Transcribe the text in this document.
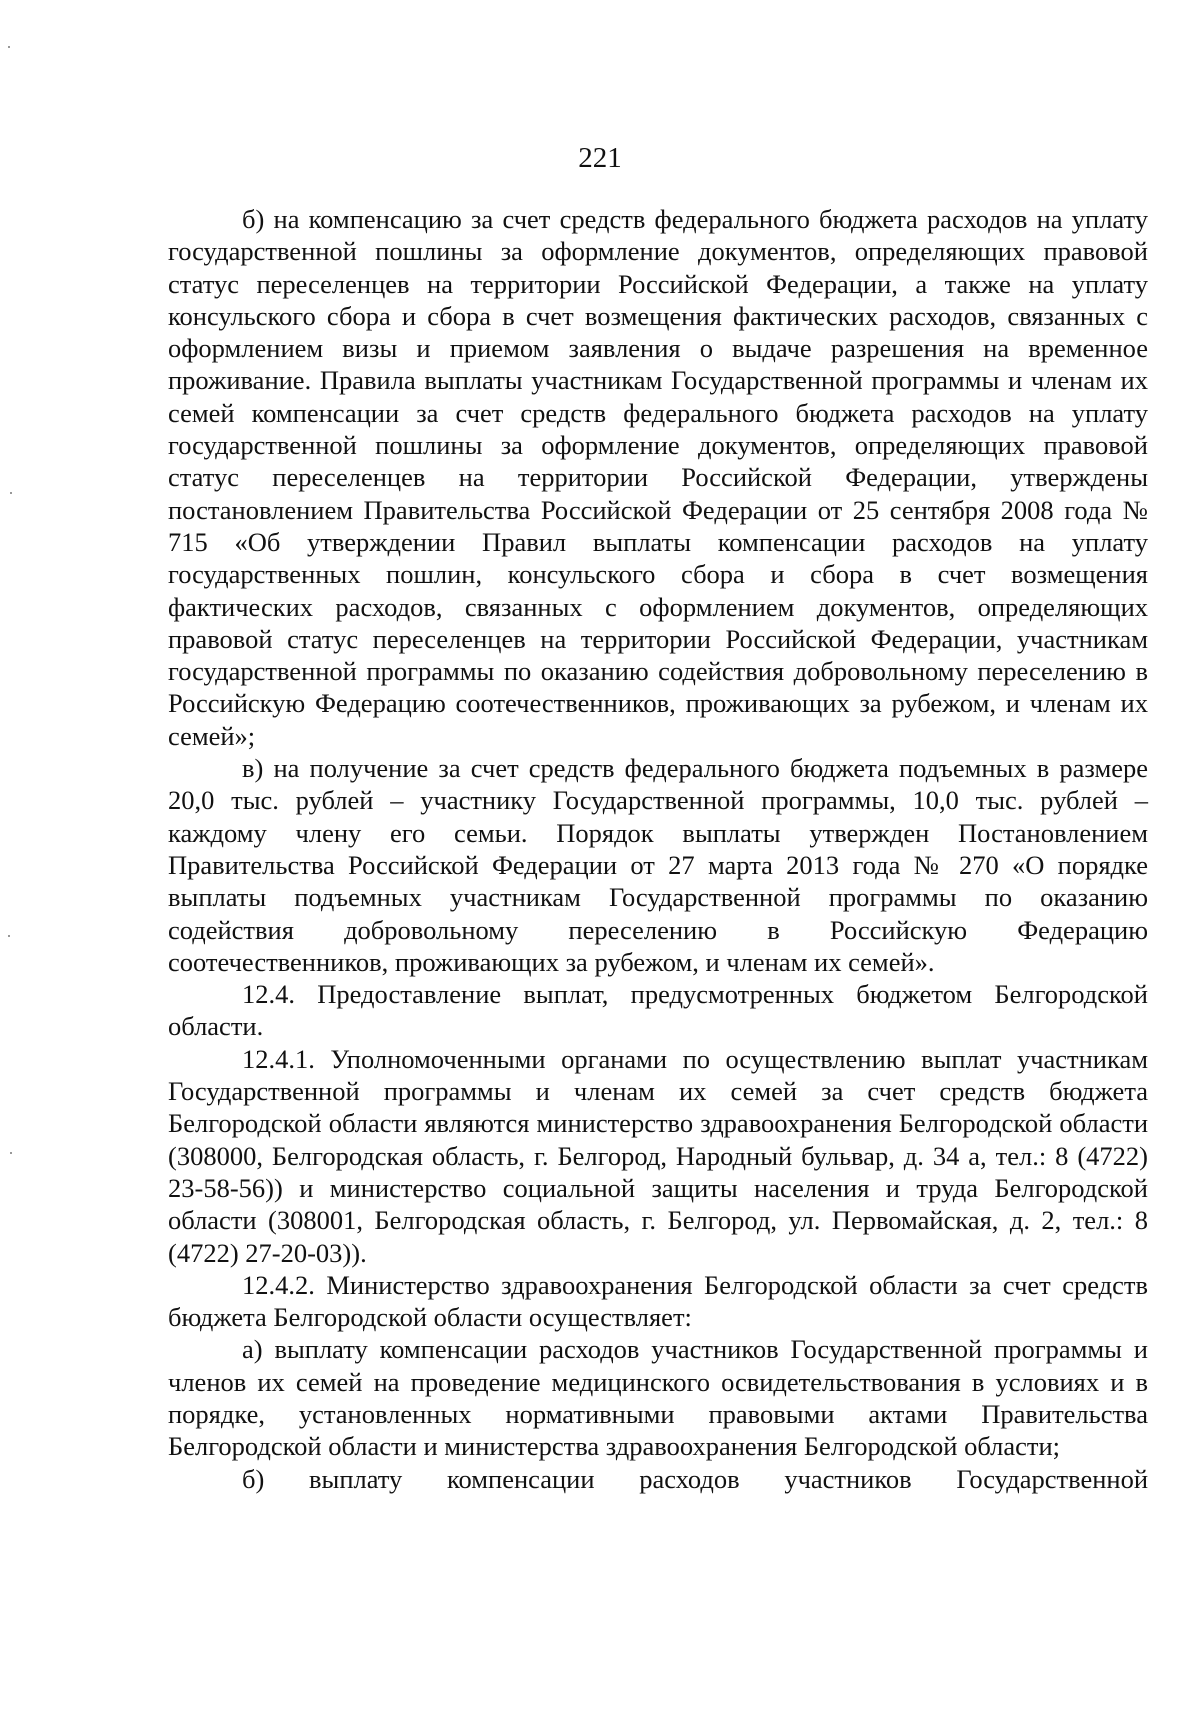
221

б) на компенсацию за счет средств федерального бюджета расходов на уплату государственной пошлины за оформление документов, определяющих правовой статус переселенцев на территории Российской Федерации, а также на уплату консульского сбора и сбора в счет возмещения фактических расходов, связанных с оформлением визы и приемом заявления о выдаче разрешения на временное проживание. Правила выплаты участникам Государственной программы и членам их семей компенсации за счет средств федерального бюджета расходов на уплату государственной пошлины за оформление документов, определяющих правовой статус переселенцев на территории Российской Федерации, утверждены постановлением Правительства Российской Федерации от 25 сентября 2008 года № 715 «Об утверждении Правил выплаты компенсации расходов на уплату государственных пошлин, консульского сбора и сбора в счет возмещения фактических расходов, связанных с оформлением документов, определяющих правовой статус переселенцев на территории Российской Федерации, участникам государственной программы по оказанию содействия добровольному переселению в Российскую Федерацию соотечественников, проживающих за рубежом, и членам их семей»;

в) на получение за счет средств федерального бюджета подъемных в размере 20,0 тыс. рублей – участнику Государственной программы, 10,0 тыс. рублей – каждому члену его семьи. Порядок выплаты утвержден Постановлением Правительства Российской Федерации от 27 марта 2013 года № 270 «О порядке выплаты подъемных участникам Государственной программы по оказанию содействия добровольному переселению в Российскую Федерацию соотечественников, проживающих за рубежом, и членам их семей».

12.4. Предоставление выплат, предусмотренных бюджетом Белгородской области.

12.4.1. Уполномоченными органами по осуществлению выплат участникам Государственной программы и членам их семей за счет средств бюджета Белгородской области являются министерство здравоохранения Белгородской области (308000, Белгородская область, г. Белгород, Народный бульвар, д. 34 а, тел.: 8 (4722) 23-58-56)) и министерство социальной защиты населения и труда Белгородской области (308001, Белгородская область, г. Белгород, ул. Первомайская, д. 2, тел.: 8 (4722) 27-20-03)).

12.4.2. Министерство здравоохранения Белгородской области за счет средств бюджета Белгородской области осуществляет:

а) выплату компенсации расходов участников Государственной программы и членов их семей на проведение медицинского освидетельствования в условиях и в порядке, установленных нормативными правовыми актами Правительства Белгородской области и министерства здравоохранения Белгородской области;

б) выплату компенсации расходов участников Государственной
